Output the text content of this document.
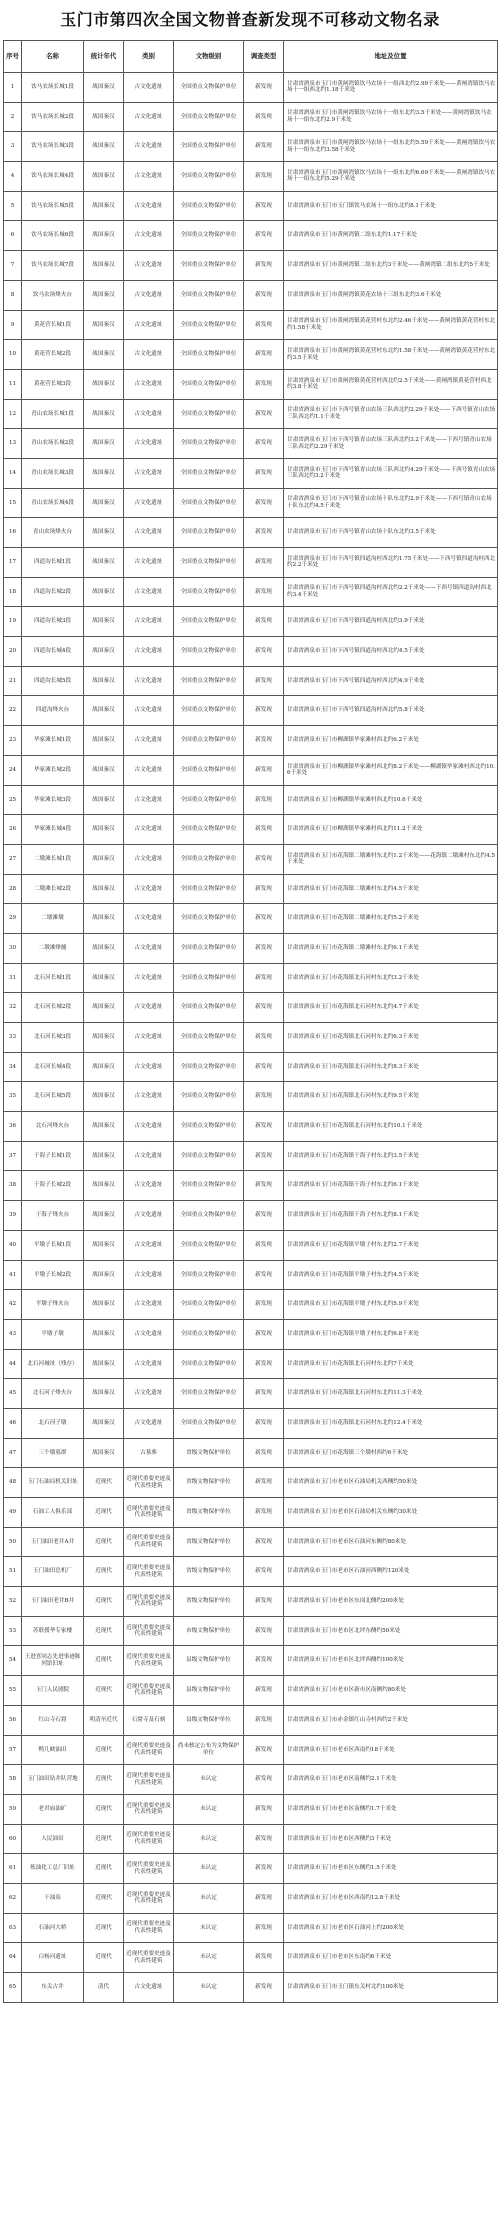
玉门市第四次全国文物普查新发现不可移动文物名录
序号	名称	统计年代	类别	文物级别	调查类型	地址及位置
1	饮马农场长城1段	战国秦汉	古文化遗址	全国重点文物保护单位	新发现	甘肃省酒泉市玉门市黄闸湾镇饮马农场十一组西北约2.99千米处——黄闸湾镇饮马农场十一组西北约1.18千米处
2	饮马农场长城2段	战国秦汉	古文化遗址	全国重点文物保护单位	新发现	甘肃省酒泉市玉门市黄闸湾镇饮马农场十一组东北约3.5千米处——黄闸湾镇饮马农场十一组东北约2.9千米处
3	饮马农场长城3段	战国秦汉	古文化遗址	全国重点文物保护单位	新发现	甘肃省酒泉市玉门市黄闸湾镇饮马农场十一组东北约5.59千米处——黄闸湾镇饮马农场十一组东北约3.58千米处
4	饮马农场长城4段	战国秦汉	古文化遗址	全国重点文物保护单位	新发现	甘肃省酒泉市玉门市黄闸湾镇饮马农场十一组东北约6.69千米处——黄闸湾镇饮马农场十一组东北约5.29千米处
5	饮马农场长城5段	战国秦汉	古文化遗址	全国重点文物保护单位	新发现	甘肃省酒泉市玉门市玉门镇饮马农场十一组东北约8.1千米处
6	饮马农场长城6段	战国秦汉	古文化遗址	全国重点文物保护单位	新发现	甘肃省酒泉市玉门市黄闸湾镇二组东北约1.17千米处
7	饮马农场长城7段	战国秦汉	古文化遗址	全国重点文物保护单位	新发现	甘肃省酒泉市玉门市黄闸湾镇二组东北约3千米处——黄闸湾镇二组东北约5千米处
8	饮马农场烽火台	战国秦汉	古文化遗址	全国重点文物保护单位	新发现	甘肃省酒泉市玉门市黄闸湾镇黄花农场十三组东北约3.6千米处
9	黄花营长城1段	战国秦汉	古文化遗址	全国重点文物保护单位	新发现	甘肃省酒泉市玉门市黄闸湾镇黄花营村东北约2.46千米处——黄闸湾镇黄花营村东北约1.58千米处
10	黄花营长城2段	战国秦汉	古文化遗址	全国重点文物保护单位	新发现	甘肃省酒泉市玉门市黄闸湾镇黄花营村东北约1.58千米处——黄闸湾镇黄花营村东北约3.5千米处
11	黄花营长城3段	战国秦汉	古文化遗址	全国重点文物保护单位	新发现	甘肃省酒泉市玉门市黄闸湾镇黄花营村西北约2.5千米处——黄闸湾镇黄花营村西北约3.8千米处
12	青山农场长城1段	战国秦汉	古文化遗址	全国重点文物保护单位	新发现	甘肃省酒泉市玉门市下西号镇青山农场三队西北约2.29千米处——下西号镇青山农场三队西北约1.1千米处
13	青山农场长城2段	战国秦汉	古文化遗址	全国重点文物保护单位	新发现	甘肃省酒泉市玉门市下西号镇青山农场三队西北约3.2千米处——下西号镇青山农场三队西北约2.29千米处
14	青山农场长城3段	战国秦汉	古文化遗址	全国重点文物保护单位	新发现	甘肃省酒泉市玉门市下西号镇青山农场三队西北约4.29千米处——下西号镇青山农场三队西北约3.2千米处
15	青山农场长城4段	战国秦汉	古文化遗址	全国重点文物保护单位	新发现	甘肃省酒泉市玉门市下西号镇青山农场十队东北约2.9千米处——下西号镇青山农场十队东北约4.5千米处
16	青山农场烽火台	战国秦汉	古文化遗址	全国重点文物保护单位	新发现	甘肃省酒泉市玉门市下西号镇青山农场十队东北约3.5千米处
17	四道沟长城1段	战国秦汉	古文化遗址	全国重点文物保护单位	新发现	甘肃省酒泉市玉门市下西号镇四道沟村西北约1.75千米处——下西号镇四道沟村西北约2.2千米处
18	四道沟长城2段	战国秦汉	古文化遗址	全国重点文物保护单位	新发现	甘肃省酒泉市玉门市下西号镇四道沟村西北约2.2千米处——下西号镇四道沟村西北约3.4千米处
19	四道沟长城3段	战国秦汉	古文化遗址	全国重点文物保护单位	新发现	甘肃省酒泉市玉门市下西号镇四道沟村西北约3.9千米处
20	四道沟长城4段	战国秦汉	古文化遗址	全国重点文物保护单位	新发现	甘肃省酒泉市玉门市下西号镇四道沟村西北约4.5千米处
21	四道沟长城5段	战国秦汉	古文化遗址	全国重点文物保护单位	新发现	甘肃省酒泉市玉门市下西号镇四道沟村西北约4.9千米处
22	四道沟烽火台	战国秦汉	古文化遗址	全国重点文物保护单位	新发现	甘肃省酒泉市玉门市下西号镇四道沟村西北约5.8千米处
23	毕家滩长城1段	战国秦汉	古文化遗址	全国重点文物保护单位	新发现	甘肃省酒泉市玉门市柳湖镇毕家滩村西北约6.2千米处
24	毕家滩长城2段	战国秦汉	古文化遗址	全国重点文物保护单位	新发现	甘肃省酒泉市玉门市柳湖镇毕家滩村西北约8.2千米处——柳湖镇毕家滩村西北约10.6千米处
25	毕家滩长城3段	战国秦汉	古文化遗址	全国重点文物保护单位	新发现	甘肃省酒泉市玉门市柳湖镇毕家滩村西北约10.6千米处
26	毕家滩长城4段	战国秦汉	古文化遗址	全国重点文物保护单位	新发现	甘肃省酒泉市玉门市柳湖镇毕家滩村西北约11.2千米处
27	二墩滩长城1段	战国秦汉	古文化遗址	全国重点文物保护单位	新发现	甘肃省酒泉市玉门市花海镇二墩滩村东北约1.2千米处——花海镇二墩滩村东北约4.5千米处
28	二墩滩长城2段	战国秦汉	古文化遗址	全国重点文物保护单位	新发现	甘肃省酒泉市玉门市花海镇二墩滩村东北约4.5千米处
29	二墩滩墩	战国秦汉	古文化遗址	全国重点文物保护单位	新发现	甘肃省酒泉市玉门市花海镇二墩滩村东北约5.2千米处
30	二墩滩烽燧	战国秦汉	古文化遗址	全国重点文物保护单位	新发现	甘肃省酒泉市玉门市花海镇二墩滩村东北约6.1千米处
31	北石河长城1段	战国秦汉	古文化遗址	全国重点文物保护单位	新发现	甘肃省酒泉市玉门市花海镇北石河村东北约3.2千米处
32	北石河长城2段	战国秦汉	古文化遗址	全国重点文物保护单位	新发现	甘肃省酒泉市玉门市花海镇北石河村东北约4.7千米处
33	北石河长城3段	战国秦汉	古文化遗址	全国重点文物保护单位	新发现	甘肃省酒泉市玉门市花海镇北石河村东北约6.3千米处
34	北石河长城4段	战国秦汉	古文化遗址	全国重点文物保护单位	新发现	甘肃省酒泉市玉门市花海镇北石河村东北约8.3千米处
35	北石河长城5段	战国秦汉	古文化遗址	全国重点文物保护单位	新发现	甘肃省酒泉市玉门市花海镇北石河村东北约9.5千米处
36	北石河烽火台	战国秦汉	古文化遗址	全国重点文物保护单位	新发现	甘肃省酒泉市玉门市花海镇北石河村东北约10.1千米处
37	干海子长城1段	战国秦汉	古文化遗址	全国重点文物保护单位	新发现	甘肃省酒泉市玉门市花海镇干海子村东北约3.5千米处
38	干海子长城2段	战国秦汉	古文化遗址	全国重点文物保护单位	新发现	甘肃省酒泉市玉门市花海镇干海子村东北约6.1千米处
39	干海子烽火台	战国秦汉	古文化遗址	全国重点文物保护单位	新发现	甘肃省酒泉市玉门市花海镇干海子村东北约8.1千米处
40	平墩子长城1段	战国秦汉	古文化遗址	全国重点文物保护单位	新发现	甘肃省酒泉市玉门市花海镇平墩子村东北约2.7千米处
41	平墩子长城2段	战国秦汉	古文化遗址	全国重点文物保护单位	新发现	甘肃省酒泉市玉门市花海镇平墩子村东北约4.5千米处
42	平墩子烽火台	战国秦汉	古文化遗址	全国重点文物保护单位	新发现	甘肃省酒泉市玉门市花海镇平墩子村东北约5.9千米处
43	平墩子墩	战国秦汉	古文化遗址	全国重点文物保护单位	新发现	甘肃省酒泉市玉门市花海镇平墩子村东北约6.8千米处
44	北石河城址（残存）	战国秦汉	古文化遗址	全国重点文物保护单位	新发现	甘肃省酒泉市玉门市花海镇北石河村东北约7千米处
45	北石河子烽火台	战国秦汉	古文化遗址	全国重点文物保护单位	新发现	甘肃省酒泉市玉门市花海镇北石河村东北约11.3千米处
46	北石河子墩	战国秦汉	古文化遗址	全国重点文物保护单位	新发现	甘肃省酒泉市玉门市花海镇北石河村东北约12.4千米处
47	三个墩墓群	战国秦汉	古墓葬	省级文物保护单位	新发现	甘肃省酒泉市玉门市花海镇三个墩村西约6千米处
48	玉门石油局机关旧址	近现代	近现代重要史迹及代表性建筑	省级文物保护单位	新发现	甘肃省酒泉市玉门市老市区石油局机关西侧约50米处
49	石油工人俱乐部	近现代	近现代重要史迹及代表性建筑	省级文物保护单位	新发现	甘肃省酒泉市玉门市老市区石油局机关东侧约30米处
50	玉门油田老井A井	近现代	近现代重要史迹及代表性建筑	省级文物保护单位	新发现	甘肃省酒泉市玉门市老市区石油河东侧约80米处
51	玉门油田总机厂	近现代	近现代重要史迹及代表性建筑	省级文物保护单位	新发现	甘肃省酒泉市玉门市老市区石油河西侧约120米处
52	玉门油田老井B井	近现代	近现代重要史迹及代表性建筑	省级文物保护单位	新发现	甘肃省酒泉市玉门市老市区东岗北侧约200米处
53	苏联援华专家楼	近现代	近现代重要史迹及代表性建筑	市级文物保护单位	新发现	甘肃省酒泉市玉门市老市区北坪东侧约50米处
54	王进喜同志先进事迹陈列馆旧址	近现代	近现代重要史迹及代表性建筑	县级文物保护单位	新发现	甘肃省酒泉市玉门市老市区北坪西侧约100米处
55	玉门人民剧院	近现代	近现代重要史迹及代表性建筑	县级文物保护单位	新发现	甘肃省酒泉市玉门市老市区新市区南侧约80米处
56	红山寺石窟	明清至近代	石窟寺及石刻	县级文物保护单位	新发现	甘肃省酒泉市玉门市赤金镇红山寺村西约2千米处
57	鸭儿峡油田	近现代	近现代重要史迹及代表性建筑	尚未核定公布为文物保护单位	新发现	甘肃省酒泉市玉门市老市区西南约18千米处
58	玉门油田钻井队营地	近现代	近现代重要史迹及代表性建筑	未认定	新发现	甘肃省酒泉市玉门市老市区南侧约2.1千米处
59	老君庙油矿	近现代	近现代重要史迹及代表性建筑	未认定	新发现	甘肃省酒泉市玉门市老市区南侧约1.7千米处
60	人民油田	近现代	近现代重要史迹及代表性建筑	未认定	新发现	甘肃省酒泉市玉门市老市区西侧约3千米处
61	炼油化工总厂旧址	近现代	近现代重要史迹及代表性建筑	未认定	新发现	甘肃省酒泉市玉门市老市区东侧约1.5千米处
62	干油泉	近现代	近现代重要史迹及代表性建筑	未认定	新发现	甘肃省酒泉市玉门市老市区西南约12.8千米处
63	石油河大桥	近现代	近现代重要史迹及代表性建筑	未认定	新发现	甘肃省酒泉市玉门市老市区石油河上约200米处
64	白杨河遗址	近现代	近现代重要史迹及代表性建筑	未认定	新发现	甘肃省酒泉市玉门市老市区东南约6千米处
65	东关古井	清代	古文化遗址	未认定	新发现	甘肃省酒泉市玉门市玉门镇东关村北约100米处
